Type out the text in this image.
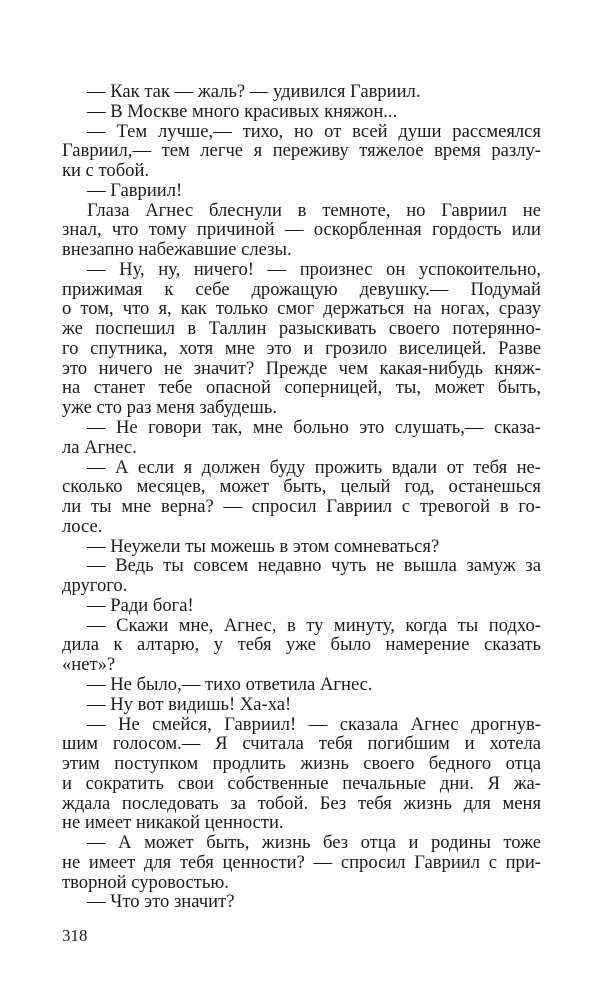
— Как так — жаль? — удивился Гавриил.
— В Москве много красивых княжон...
— Тем лучше,— тихо, но от всей души рассмеялся
Гавриил,— тем легче я переживу тяжелое время разлу-
ки с тобой.
— Гавриил!
Глаза Агнес блеснули в темноте, но Гавриил не
знал, что тому причиной — оскорбленная гордость или
внезапно набежавшие слезы.
— Ну, ну, ничего! — произнес он успокоительно,
прижимая к себе дрожащую девушку.— Подумай
о том, что я, как только смог держаться на ногах, сразу
же поспешил в Таллин разыскивать своего потерянно-
го спутника, хотя мне это и грозило виселицей. Разве
это ничего не значит? Прежде чем какая-нибудь княж-
на станет тебе опасной соперницей, ты, может быть,
уже сто раз меня забудешь.
— Не говори так, мне больно это слушать,— сказа-
ла Агнес.
— А если я должен буду прожить вдали от тебя не-
сколько месяцев, может быть, целый год, останешься
ли ты мне верна? — спросил Гавриил с тревогой в го-
лосе.
— Неужели ты можешь в этом сомневаться?
— Ведь ты совсем недавно чуть не вышла замуж за
другого.
— Ради бога!
— Скажи мне, Агнес, в ту минуту, когда ты подхо-
дила к алтарю, у тебя уже было намерение сказать
«нет»?
— Не было,— тихо ответила Агнес.
— Ну вот видишь! Ха-ха!
— Не смейся, Гавриил! — сказала Агнес дрогнув-
шим голосом.— Я считала тебя погибшим и хотела
этим поступком продлить жизнь своего бедного отца
и сократить свои собственные печальные дни. Я жа-
ждала последовать за тобой. Без тебя жизнь для меня
не имеет никакой ценности.
— А может быть, жизнь без отца и родины тоже
не имеет для тебя ценности? — спросил Гавриил с при-
творной суровостью.
— Что это значит?
318
